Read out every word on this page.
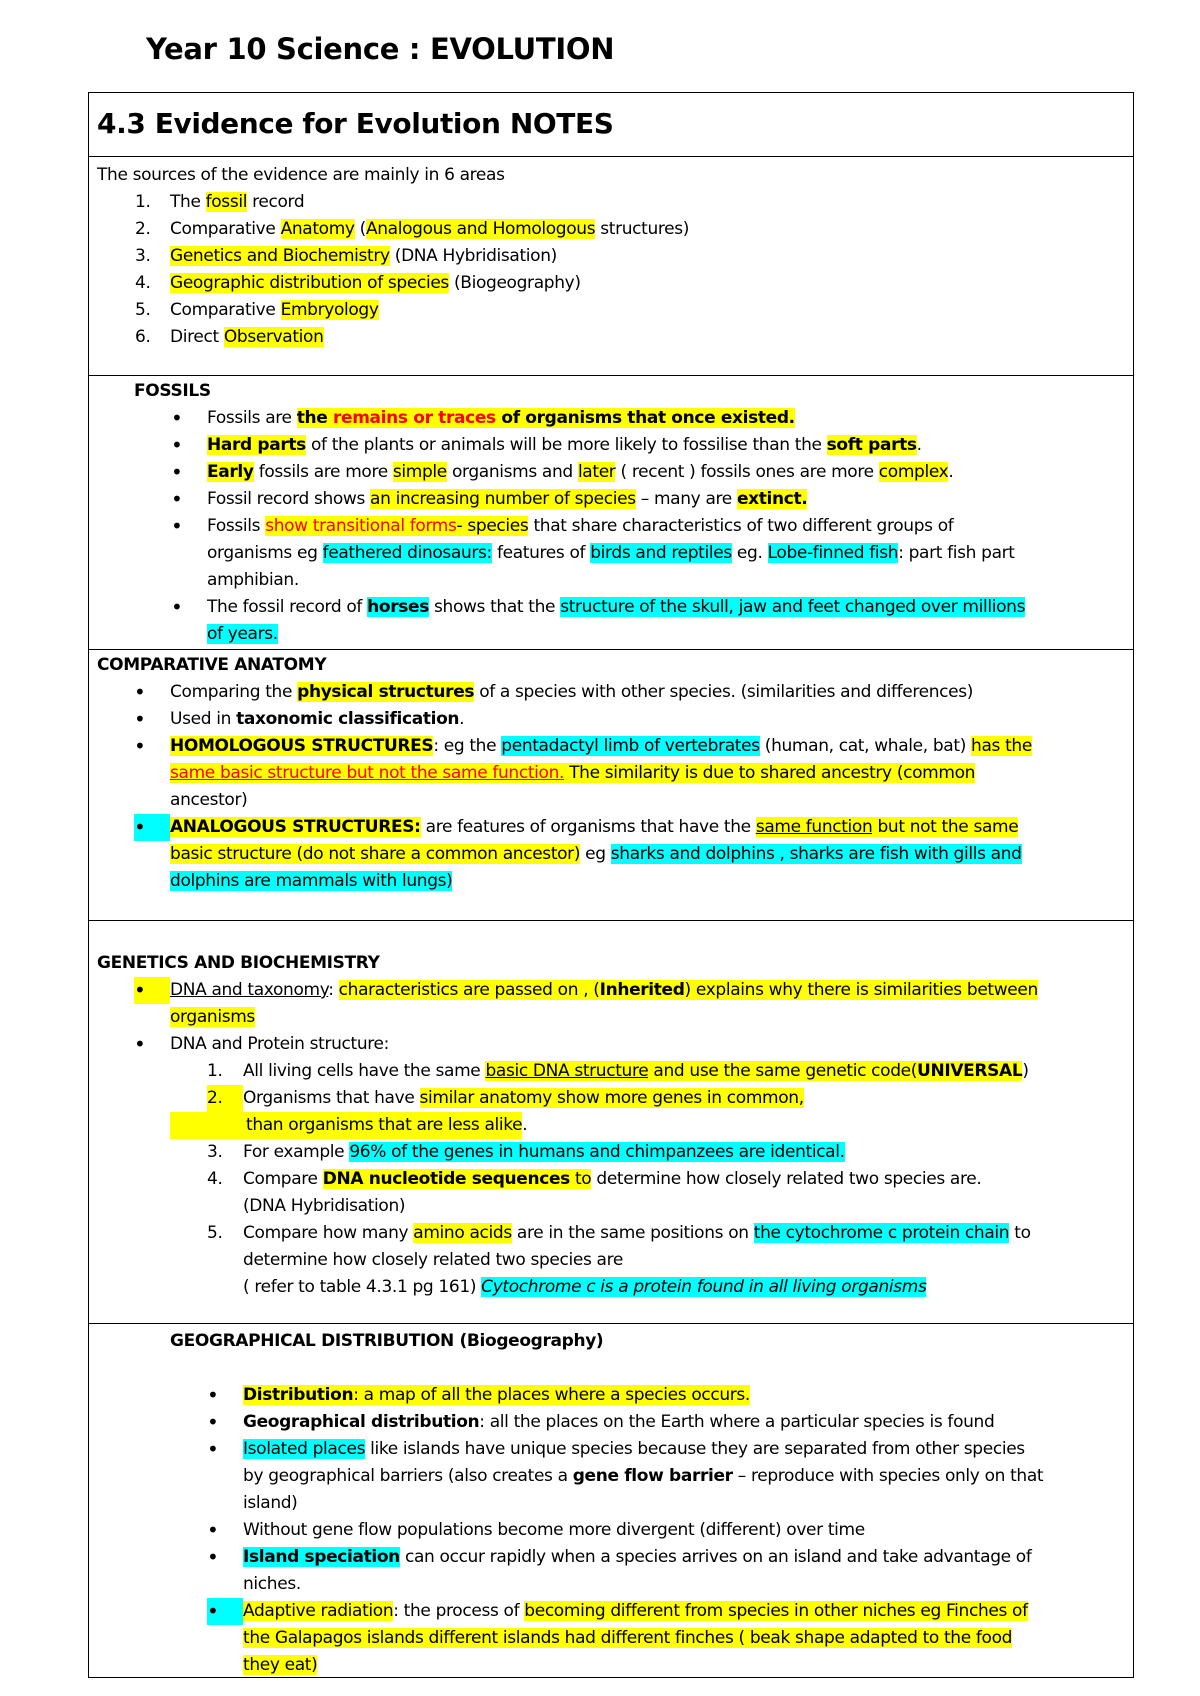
Year 10 Science : EVOLUTION
4.3 Evidence for Evolution NOTES
The sources of the evidence are mainly in 6 areas
1. The fossil record
2. Comparative Anatomy (Analogous and Homologous structures)
3. Genetics and Biochemistry (DNA Hybridisation)
4. Geographic distribution of species (Biogeography)
5. Comparative Embryology
6. Direct Observation
FOSSILS
• Fossils are the remains or traces of organisms that once existed.
• Hard parts of the plants or animals will be more likely to fossilise than the soft parts.
• Early fossils are more simple organisms and later ( recent ) fossils ones are more complex.
• Fossil record shows an increasing number of species – many are extinct.
• Fossils show transitional forms- species that share characteristics of two different groups of
organisms eg feathered dinosaurs: features of birds and reptiles eg. Lobe-finned fish: part fish part
amphibian.
• The fossil record of horses shows that the structure of the skull, jaw and feet changed over millions
of years.
COMPARATIVE ANATOMY
• Comparing the physical structures of a species with other species. (similarities and differences)
• Used in taxonomic classification.
• HOMOLOGOUS STRUCTURES: eg the pentadactyl limb of vertebrates (human, cat, whale, bat) has the
same basic structure but not the same function. The similarity is due to shared ancestry (common
ancestor)
•	ANALOGOUS STRUCTURES: are features of organisms that have the same function but not the same
basic structure (do not share a common ancestor) eg sharks and dolphins , sharks are fish with gills and
dolphins are mammals with lungs)
GENETICS AND BIOCHEMISTRY
•	DNA and taxonomy: characteristics are passed on , (Inherited) explains why there is similarities between
organisms
• DNA and Protein structure:
1. All living cells have the same basic DNA structure and use the same genetic code(UNIVERSAL)
2.	Organisms that have similar anatomy show more genes in common,
than organisms that are less alike.
3. For example 96% of the genes in humans and chimpanzees are identical.
4. Compare DNA nucleotide sequences to determine how closely related two species are.
(DNA Hybridisation)
5. Compare how many amino acids are in the same positions on the cytochrome c protein chain to
determine how closely related two species are
( refer to table 4.3.1 pg 161) Cytochrome c is a protein found in all living organisms
GEOGRAPHICAL DISTRIBUTION (Biogeography)
• Distribution: a map of all the places where a species occurs.
• Geographical distribution: all the places on the Earth where a particular species is found
• Isolated places like islands have unique species because they are separated from other species
by geographical barriers (also creates a gene flow barrier – reproduce with species only on that
island)
• Without gene flow populations become more divergent (different) over time
• Island speciation can occur rapidly when a species arrives on an island and take advantage of
niches.
•	Adaptive radiation: the process of becoming different from species in other niches eg Finches of
the Galapagos islands different islands had different finches ( beak shape adapted to the food
they eat)
